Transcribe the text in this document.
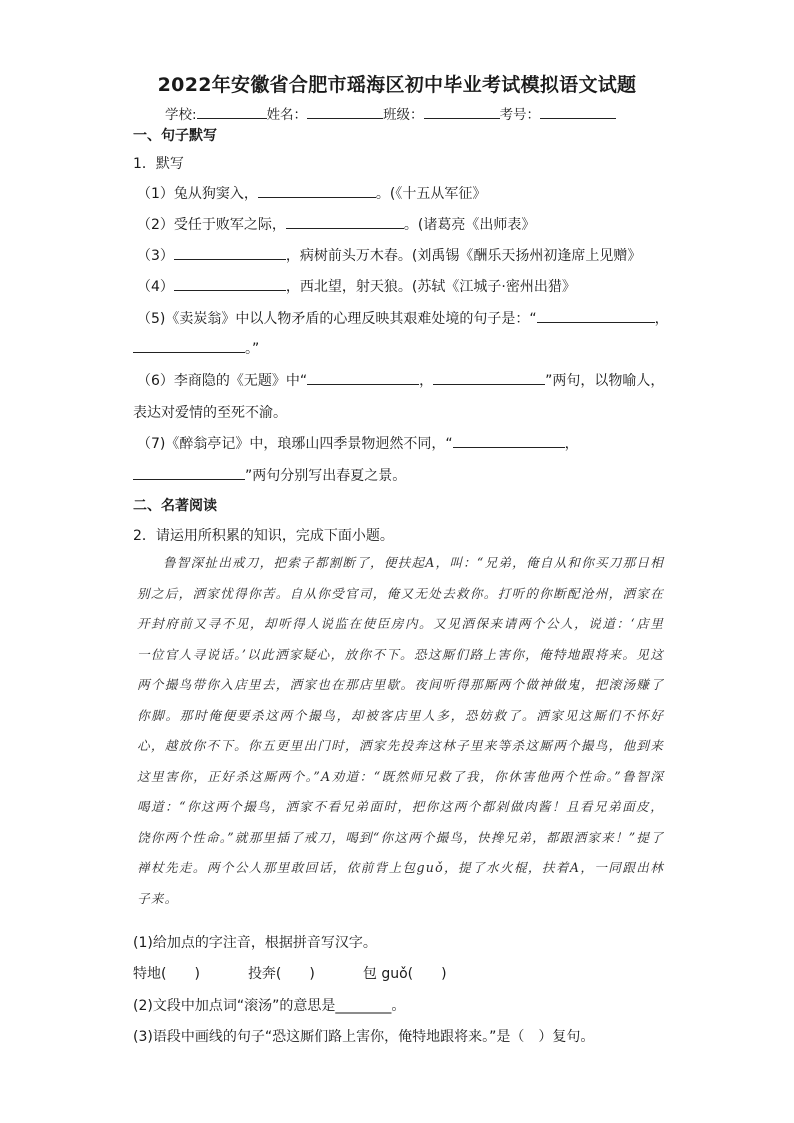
2022年安徽省合肥市瑶海区初中毕业考试模拟语文试题
学校:	姓名：	班级：	考号：
一、句子默写
1．默写
（1）兔从狗窦入，	。(《十五从军征》
（2）受任于败军之际，	。(诸葛亮《出师表》
（3）	，病树前头万木春。(刘禹锡《酬乐天扬州初逢席上见赠》
（4）	，西北望，射天狼。(苏轼《江城子·密州出猎》
（5)《卖炭翁》中以人物矛盾的心理反映其艰难处境的句子是：“	，
。”
（6）李商隐的《无题》中“	，	”两句，以物喻人，
表达对爱情的至死不渝。
（7)《醉翁亭记》中，琅琊山四季景物迥然不同，“	，
”两句分别写出春夏之景。
二、名著阅读
2．请运用所积累的知识，完成下面小题。
鲁智深扯出戒刀，把索子都割断了，便扶起A，叫：“兄弟，俺自从和你买刀那日相别之后，洒家忧得你苦。自从你受官司，俺又无处去救你。打听的你断配沧州，洒家在开封府前又寻不见，却听得人说监在使臣房内。又见酒保来请两个公人，说道：‘店里一位官人寻说话。’以此洒家疑心，放你不下。恐这厮们路上害你，俺特地跟将来。见这两个撮鸟带你入店里去，洒家也在那店里歇。夜间听得那厮两个做神做鬼，把滚汤赚了你脚。那时俺便要杀这两个撮鸟，却被客店里人多，恐妨救了。洒家见这厮们不怀好心，越放你不下。你五更里出门时，洒家先投奔这林子里来等杀这厮两个撮鸟，他到来这里害你，正好杀这厮两个。”A劝道：“既然师兄救了我，你休害他两个性命。”鲁智深喝道：“你这两个撮鸟，洒家不看兄弟面时，把你这两个都剁做肉酱！且看兄弟面皮，饶你两个性命。”就那里插了戒刀，喝到“你这两个撮鸟，快搀兄弟，都跟洒家来！”提了禅杖先走。两个公人那里敢回话，依前背上包guǒ，提了水火棍，扶着A，一同跟出林子来。
(1)给加点的字注音，根据拼音写汉字。
特地(　　)	投奔(　　)	包 guǒ(　　)
(2)文段中加点词“滚汤”的意思是________。
(3)语段中画线的句子“恐这厮们路上害你，俺特地跟将来。”是（　）复句。
